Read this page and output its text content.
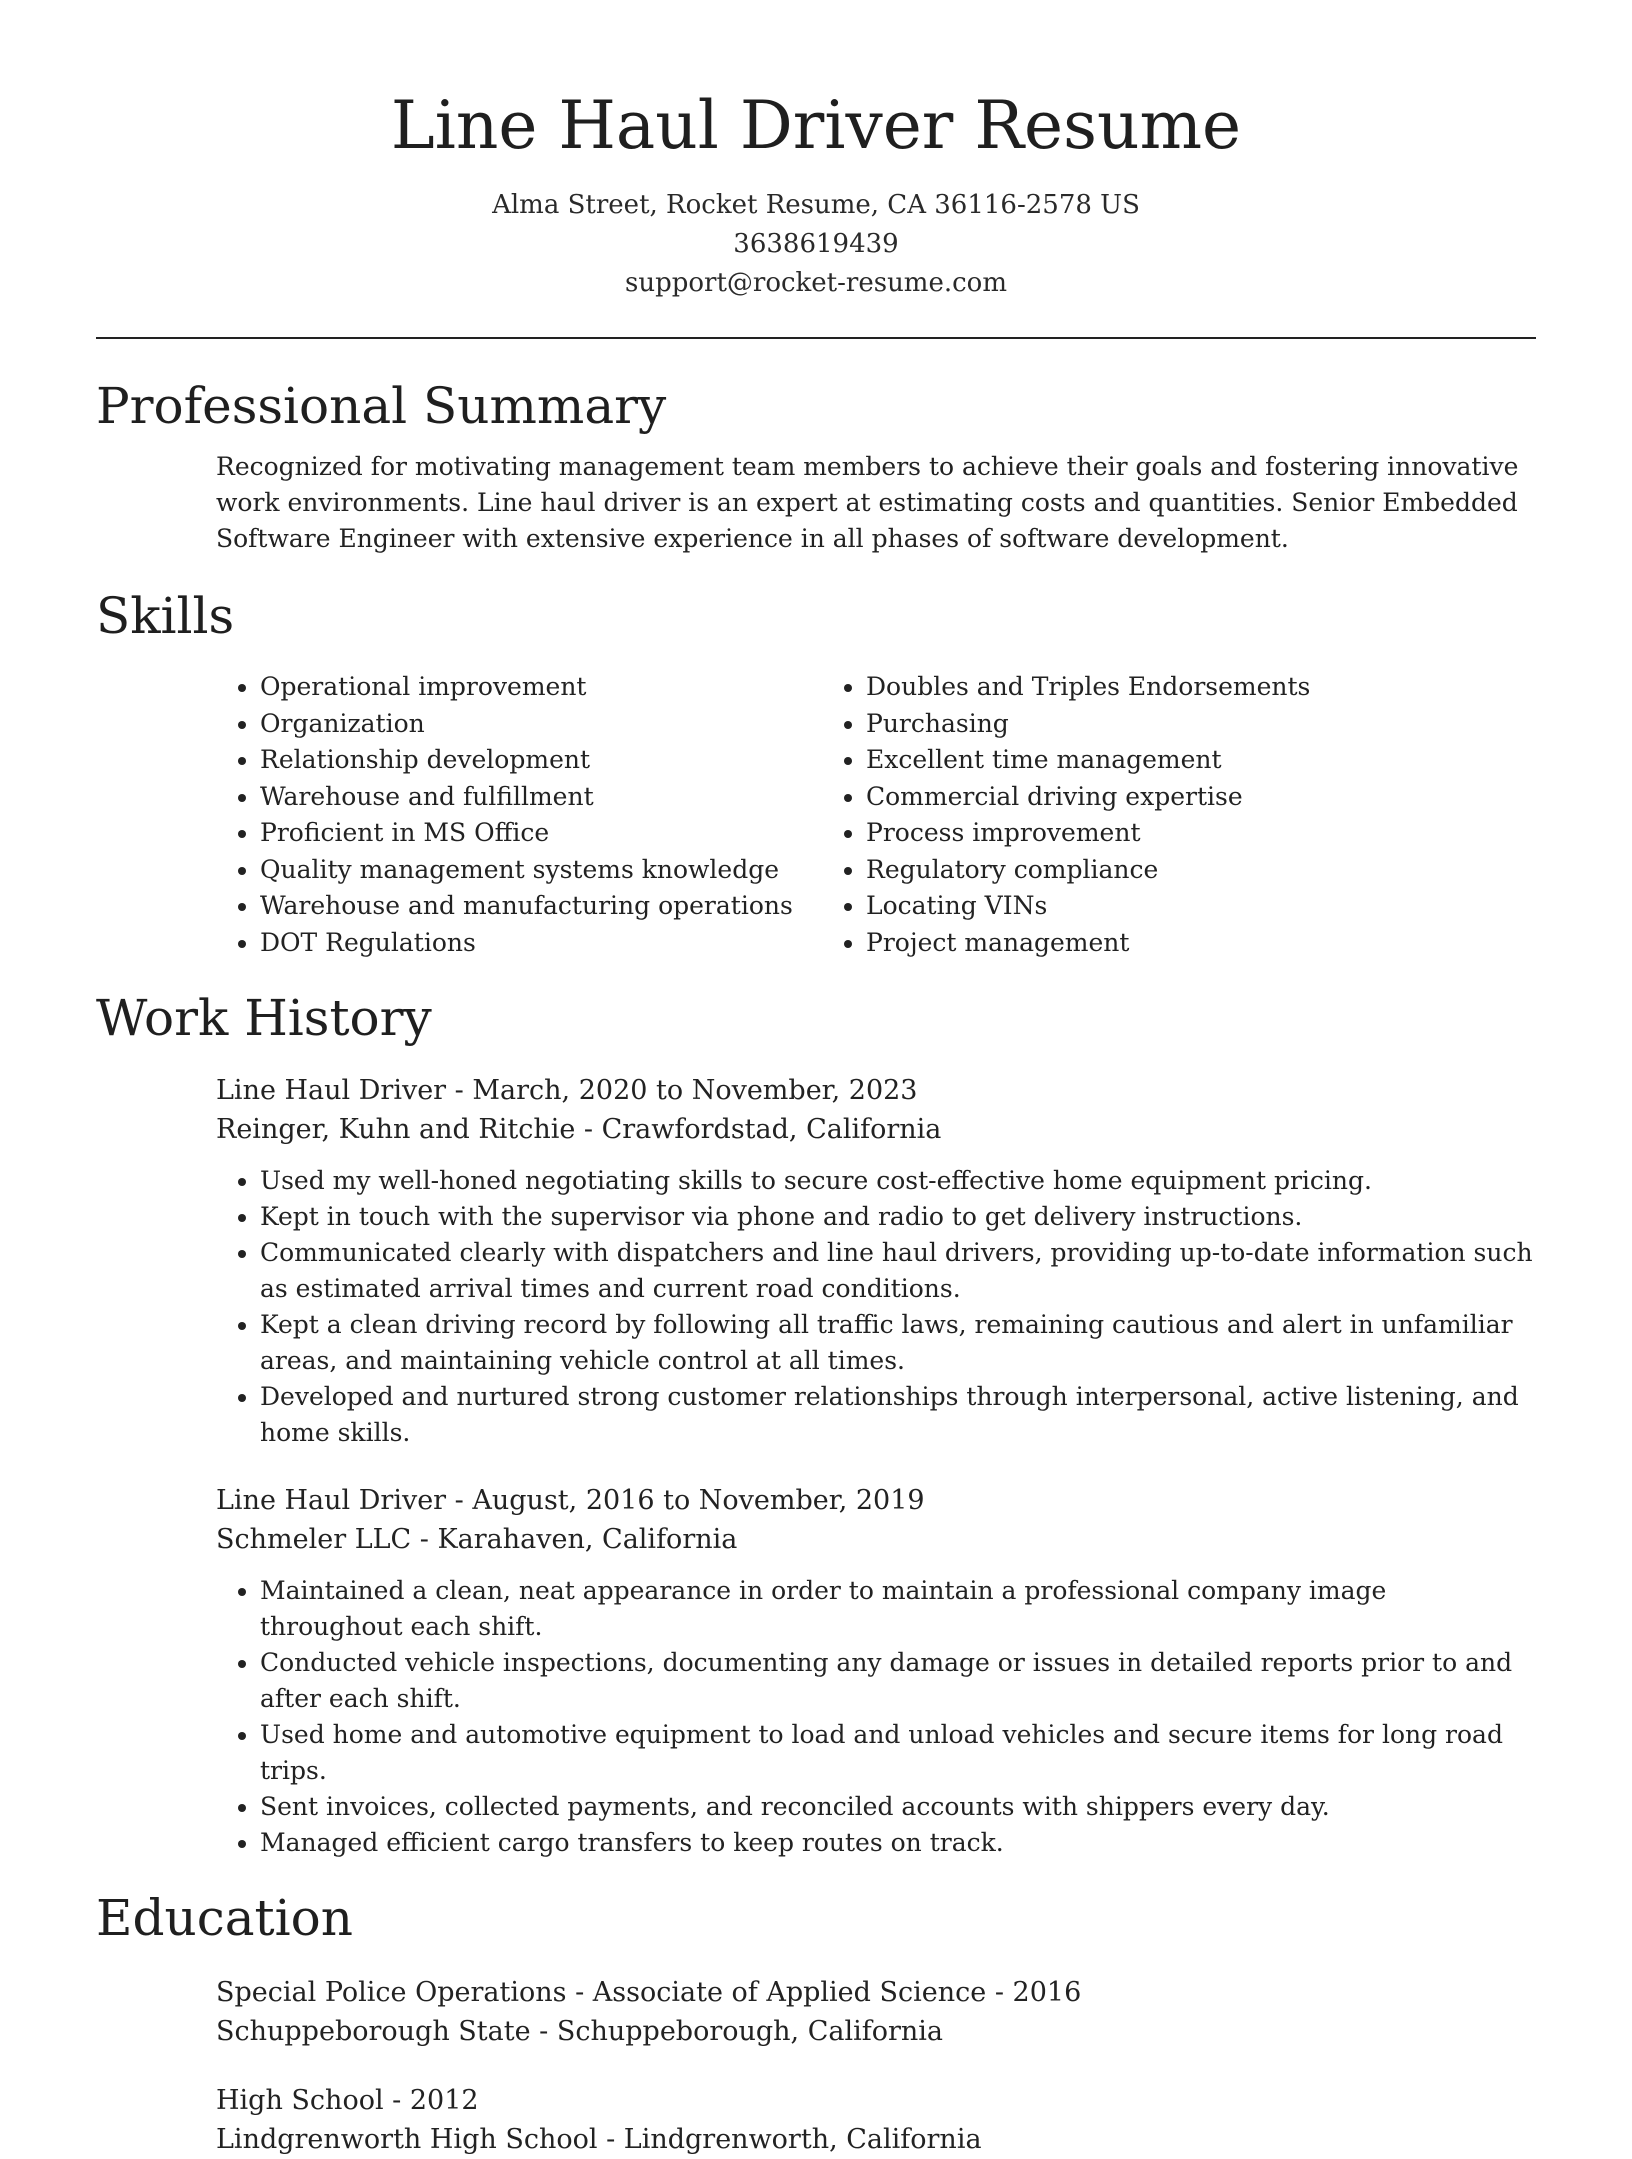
Line Haul Driver Resume
Alma Street, Rocket Resume, CA 36116-2578 US
3638619439
support@rocket-resume.com
Professional Summary

Recognized for motivating management team members to achieve their goals and fostering innovative work environments. Line haul driver is an expert at estimating costs and quantities. Senior Embedded Software Engineer with extensive experience in all phases of software development.

Skills
• Operational improvement
• Organization
• Relationship development
• Warehouse and fulfillment
• Proficient in MS Office
• Quality management systems knowledge
• Warehouse and manufacturing operations
• DOT Regulations
• Doubles and Triples Endorsements
• Purchasing
• Excellent time management
• Commercial driving expertise
• Process improvement
• Regulatory compliance
• Locating VINs
• Project management
Work History
Line Haul Driver - March, 2020 to November, 2023
Reinger, Kuhn and Ritchie - Crawfordstad, California
• Used my well-honed negotiating skills to secure cost-effective home equipment pricing.
• Kept in touch with the supervisor via phone and radio to get delivery instructions.
• Communicated clearly with dispatchers and line haul drivers, providing up-to-date information such as estimated arrival times and current road conditions.
• Kept a clean driving record by following all traffic laws, remaining cautious and alert in unfamiliar areas, and maintaining vehicle control at all times.
• Developed and nurtured strong customer relationships through interpersonal, active listening, and home skills.
Line Haul Driver - August, 2016 to November, 2019
Schmeler LLC - Karahaven, California
• Maintained a clean, neat appearance in order to maintain a professional company image throughout each shift.
• Conducted vehicle inspections, documenting any damage or issues in detailed reports prior to and after each shift.
• Used home and automotive equipment to load and unload vehicles and secure items for long road trips.
• Sent invoices, collected payments, and reconciled accounts with shippers every day.
• Managed efficient cargo transfers to keep routes on track.
Education
Special Police Operations - Associate of Applied Science - 2016
Schuppeborough State - Schuppeborough, California
High School - 2012
Lindgrenworth High School - Lindgrenworth, California
